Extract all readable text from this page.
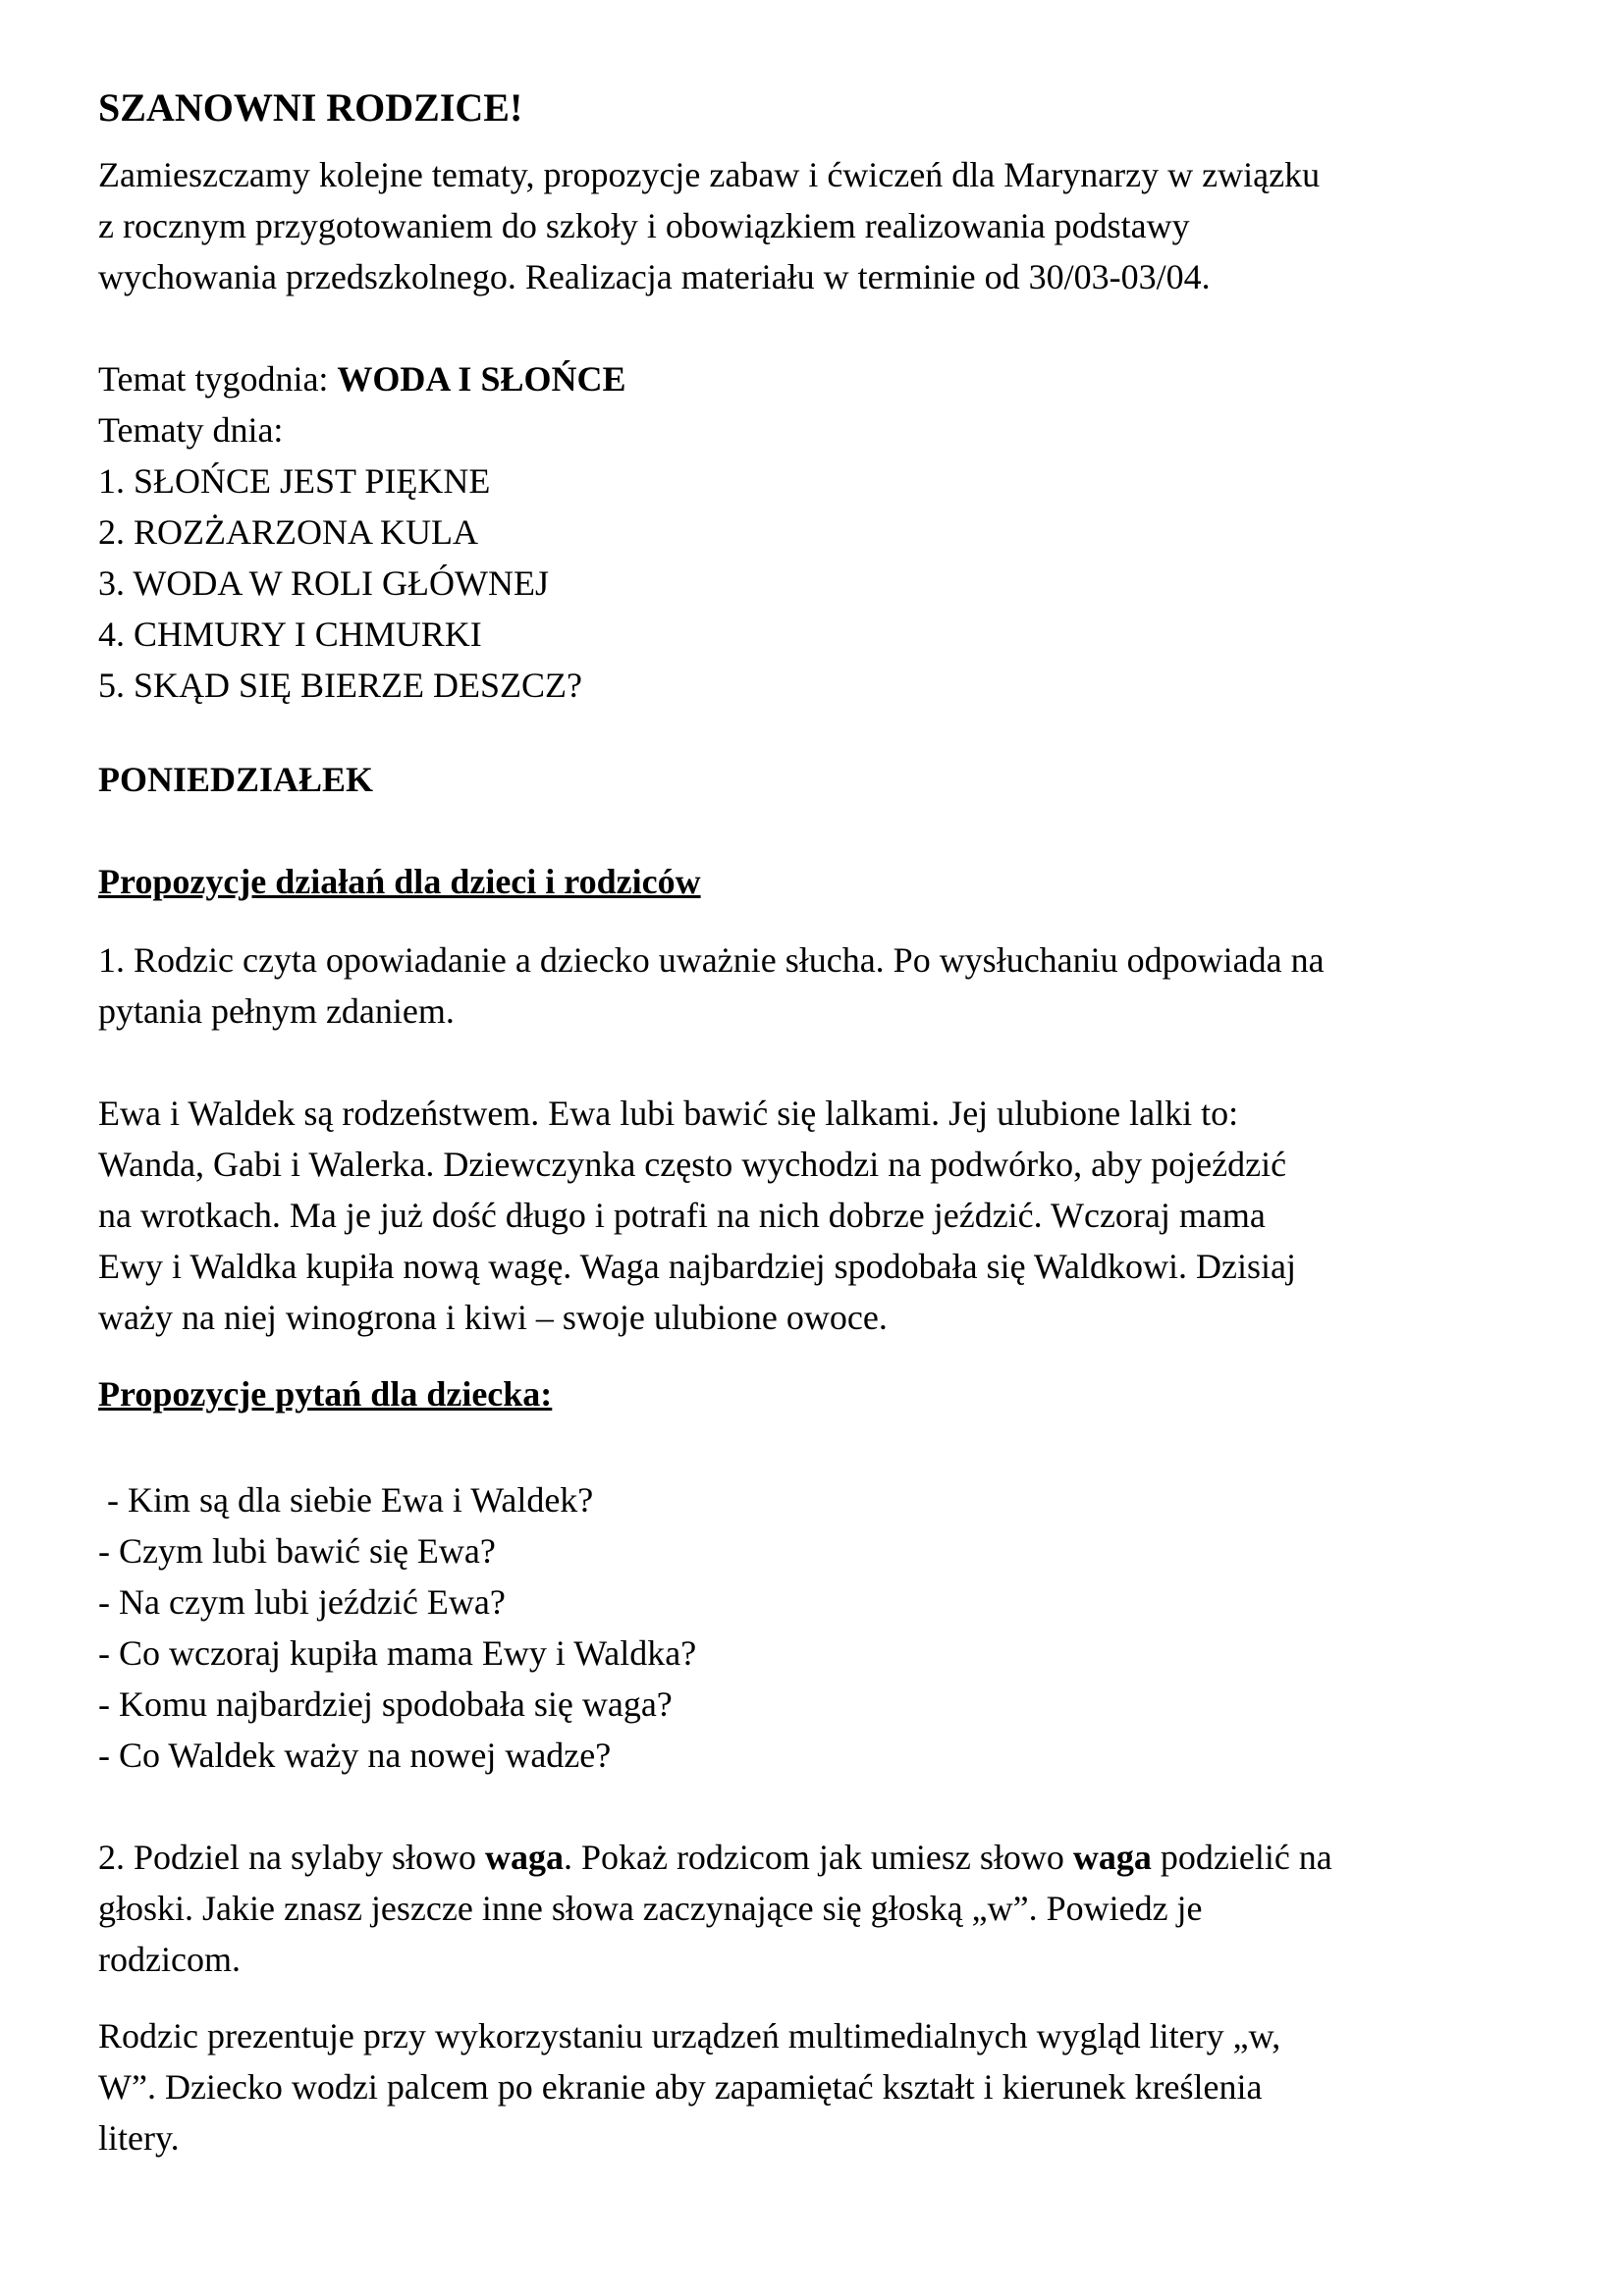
SZANOWNI RODZICE!
Zamieszczamy kolejne tematy, propozycje zabaw i ćwiczeń dla Marynarzy w związku
z rocznym przygotowaniem do szkoły i obowiązkiem realizowania podstawy
wychowania przedszkolnego. Realizacja materiału w terminie od 30/03-03/04.
Temat tygodnia: WODA I SŁOŃCE
Tematy dnia:
1. SŁOŃCE JEST PIĘKNE
2. ROZŻARZONA KULA
3. WODA W ROLI GŁÓWNEJ
4. CHMURY I CHMURKI
5. SKĄD SIĘ BIERZE DESZCZ?
PONIEDZIAŁEK
Propozycje działań dla dzieci i rodziców
1. Rodzic czyta opowiadanie a dziecko uważnie słucha. Po wysłuchaniu odpowiada na
pytania pełnym zdaniem.
Ewa i Waldek są rodzeństwem. Ewa lubi bawić się lalkami. Jej ulubione lalki to:
Wanda, Gabi i Walerka. Dziewczynka często wychodzi na podwórko, aby pojeździć
na wrotkach. Ma je już dość długo i potrafi na nich dobrze jeździć. Wczoraj mama
Ewy i Waldka kupiła nową wagę. Waga najbardziej spodobała się Waldkowi. Dzisiaj
waży na niej winogrona i kiwi – swoje ulubione owoce.
Propozycje pytań dla dziecka:
- Kim są dla siebie Ewa i Waldek?
- Czym lubi bawić się Ewa?
- Na czym lubi jeździć Ewa?
- Co wczoraj kupiła mama Ewy i Waldka?
- Komu najbardziej spodobała się waga?
- Co Waldek waży na nowej wadze?
2. Podziel na sylaby słowo waga. Pokaż rodzicom jak umiesz słowo waga podzielić na
głoski. Jakie znasz jeszcze inne słowa zaczynające się głoską „w”. Powiedz je
rodzicom.
Rodzic prezentuje przy wykorzystaniu urządzeń multimedialnych wygląd litery „w,
W”. Dziecko wodzi palcem po ekranie aby zapamiętać kształt i kierunek kreślenia
litery.
